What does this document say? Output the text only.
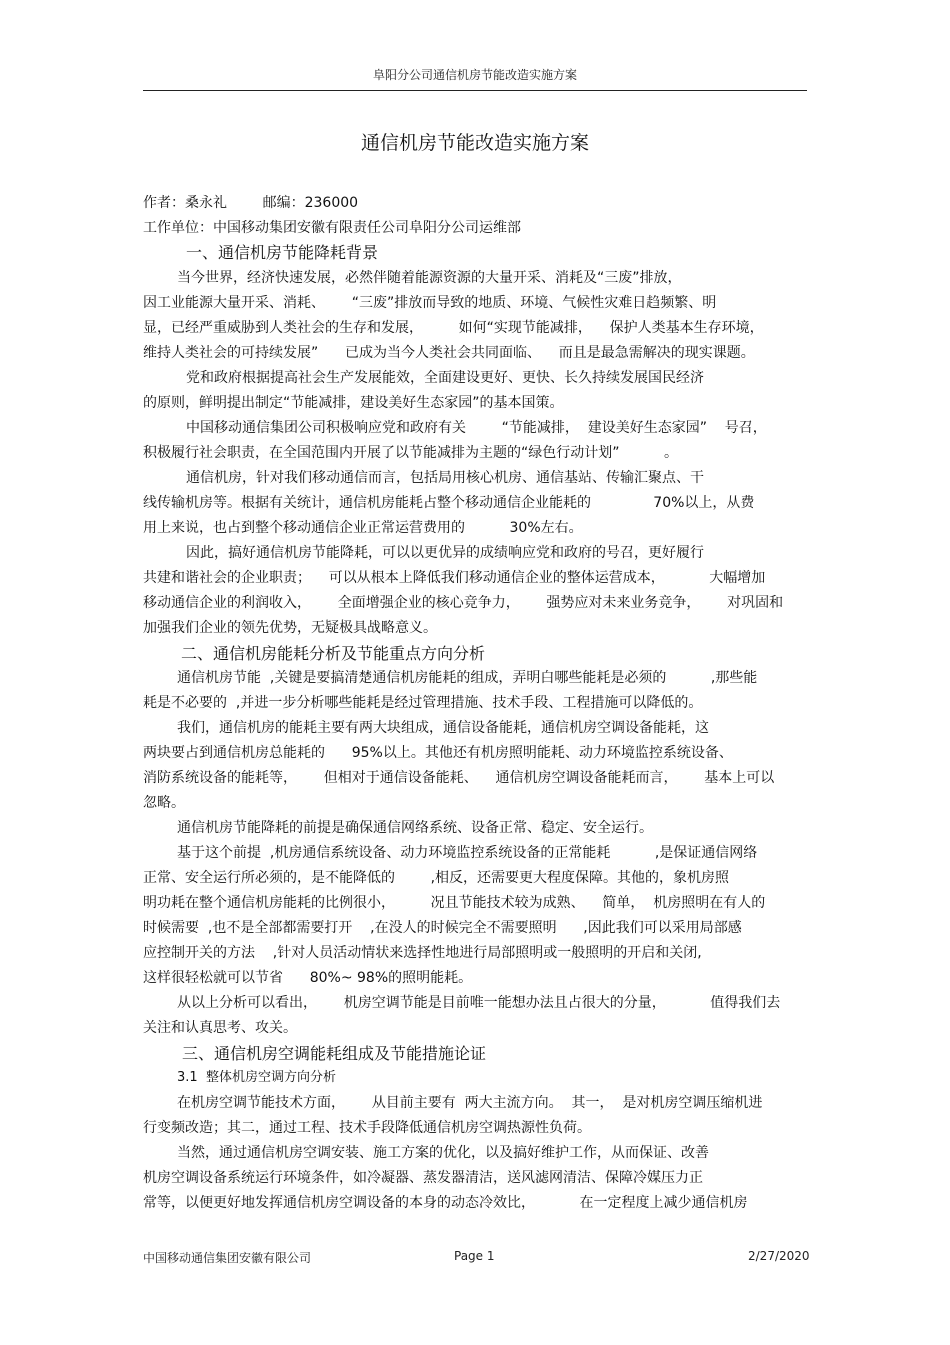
阜阳分公司通信机房节能改造实施方案
通信机房节能改造实施方案
作者：桑永礼        邮编：236000
工作单位：中国移动集团安徽有限责任公司阜阳分公司运维部
一、通信机房节能降耗背景
当今世界，经济快速发展，必然伴随着能源资源的大量开采、消耗及“三废”排放，
因工业能源大量开采、消耗、      “三废”排放而导致的地质、环境、气候性灾难日趋频繁、明
显，已经严重威胁到人类社会的生存和发展，        如何“实现节能减排，    保护人类基本生存环境，
维持人类社会的可持续发展”      已成为当今人类社会共同面临、    而且是最急需解决的现实课题。
党和政府根据提高社会生产发展能效，全面建设更好、更快、长久持续发展国民经济
的原则，鲜明提出制定“节能减排，建设美好生态家园”的基本国策。
中国移动通信集团公司积极响应党和政府有关        “节能减排，  建设美好生态家园”    号召，
积极履行社会职责，在全国范围内开展了以节能减排为主题的“绿色行动计划”          。
通信机房，针对我们移动通信而言，包括局用核心机房、通信基站、传输汇聚点、干
线传输机房等。根据有关统计，通信机房能耗占整个移动通信企业能耗的              70%以上，从费
用上来说，也占到整个移动通信企业正常运营费用的          30%左右。
因此，搞好通信机房节能降耗，可以以更优异的成绩响应党和政府的号召，更好履行
共建和谐社会的企业职责；    可以从根本上降低我们移动通信企业的整体运营成本，          大幅增加
移动通信企业的利润收入，      全面增强企业的核心竞争力，      强势应对未来业务竞争，      对巩固和
加强我们企业的领先优势，无疑极具战略意义。
二、通信机房能耗分析及节能重点方向分析
通信机房节能  ,关键是要搞清楚通信机房能耗的组成，弄明白哪些能耗是必须的          ,那些能
耗是不必要的  ,并进一步分析哪些能耗是经过管理措施、技术手段、工程措施可以降低的。
我们，通信机房的能耗主要有两大块组成，通信设备能耗，通信机房空调设备能耗，这
两块要占到通信机房总能耗的      95%以上。其他还有机房照明能耗、动力环境监控系统设备、
消防系统设备的能耗等，      但相对于通信设备能耗、    通信机房空调设备能耗而言，      基本上可以
忽略。
通信机房节能降耗的前提是确保通信网络系统、设备正常、稳定、安全运行。
基于这个前提  ,机房通信系统设备、动力环境监控系统设备的正常能耗          ,是保证通信网络
正常、安全运行所必须的，是不能降低的        ,相反，还需要更大程度保障。其他的，象机房照
明功耗在整个通信机房能耗的比例很小，        况且节能技术较为成熟、    简单，  机房照明在有人的
时候需要  ,也不是全部都需要打开    ,在没人的时候完全不需要照明      ,因此我们可以采用局部感
应控制开关的方法    ,针对人员活动情状来选择性地进行局部照明或一般照明的开启和关闭,
这样很轻松就可以节省      80%~ 98%的照明能耗。
从以上分析可以看出，      机房空调节能是目前唯一能想办法且占很大的分量，          值得我们去
关注和认真思考、攻关。
三、通信机房空调能耗组成及节能措施论证
3.1  整体机房空调方向分析
在机房空调节能技术方面，      从目前主要有  两大主流方向。  其一，  是对机房空调压缩机进
行变频改造；其二，通过工程、技术手段降低通信机房空调热源性负荷。
当然，通过通信机房空调安装、施工方案的优化，以及搞好维护工作，从而保证、改善
机房空调设备系统运行环境条件，如冷凝器、蒸发器清洁，送风滤网清洁、保障冷媒压力正
常等，以便更好地发挥通信机房空调设备的本身的动态冷效比，          在一定程度上减少通信机房
中国移动通信集团安徽有限公司	Page 1	2/27/2020
